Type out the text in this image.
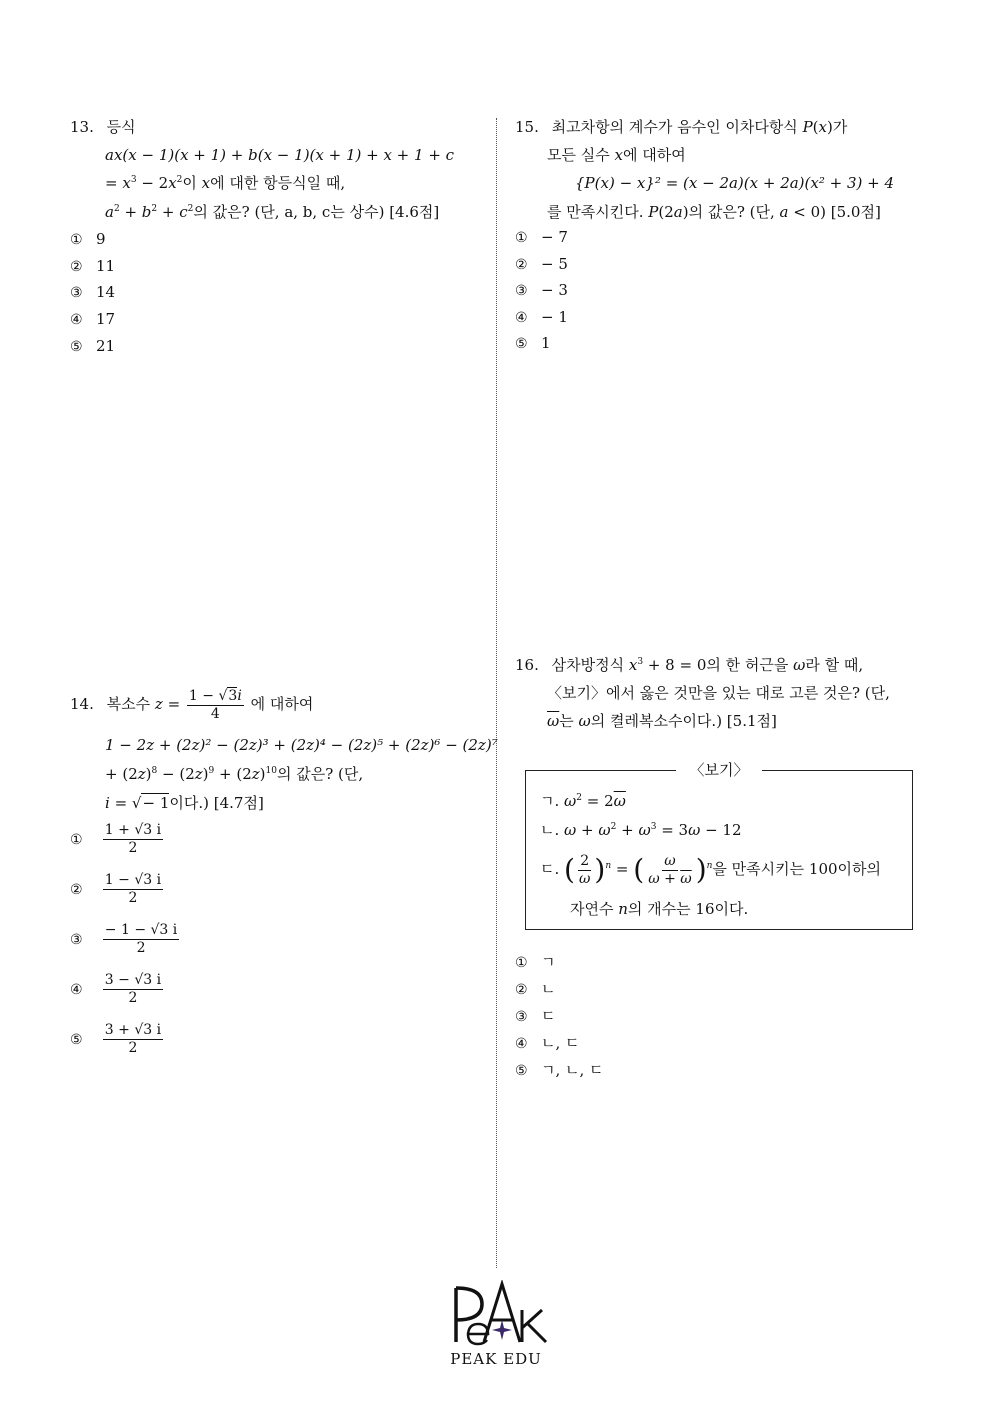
13. 등식
ax(x − 1)(x + 1) + b(x − 1)(x + 1) + x + 1 + c
= $x^3 - 2x^2$이 x에 대한 항등식일 때,
$a^2 + b^2 + c^2$의 값은? (단, a, b, c는 상수) [4.6점]
① 9
② 11
③ 14
④ 17
⑤ 21
14. 복소수 $z = \frac{1 - √3i}{4}$ 에 대하여
1 − 2z + (2z)² − (2z)³ + (2z)⁴ − (2z)⁵ + (2z)⁶ − (2z)⁷
+ $(2z)^8 - (2z)^9 + (2z)^{10}$의 값은? (단,
i = √− 1이다.) [4.7점]
① $\frac{1 + √3 i}{2}$
② $\frac{1 - √3 i}{2}$
③ $\frac{- 1 - √3 i}{2}$
④ $\frac{3 - √3 i}{2}$
⑤ $\frac{3 + √3 i}{2}$
15. 최고차항의 계수가 음수인 이차다항식 P(x)가
모든 실수 x에 대하여
{P(x) − x}² = (x − 2a)(x + 2a)(x² + 3) + 4
를 만족시킨다. P(2a)의 값은? (단, a < 0) [5.0점]
① − 7
② − 5
③ − 3
④ − 1
⑤ 1
16. 삼차방정식 $x^3 + 8 = 0$의 한 허근을 ω라 할 때,
〈보기〉에서 옳은 것만을 있는 대로 고른 것은? (단,
$\overline{\omega}$는 ω의 켤레복소수이다.) [5.1점]
〈보기〉
ㄱ. $\omega^2 = 2\overline{\omega}$
ㄴ. $\omega + \omega^2 + \omega^3 = 3\omega - 12$
ㄷ. ( $\frac{2}{\omega} )^n$ = ( $\frac{\omega}{\omega + \overline{\omega}} )^n$을 만족시키는 100이하의
자연수 n의 개수는 16이다.
① ㄱ
② ㄴ
③ ㄷ
④ ㄴ, ㄷ
⑤ ㄱ, ㄴ, ㄷ
PEAK EDU
